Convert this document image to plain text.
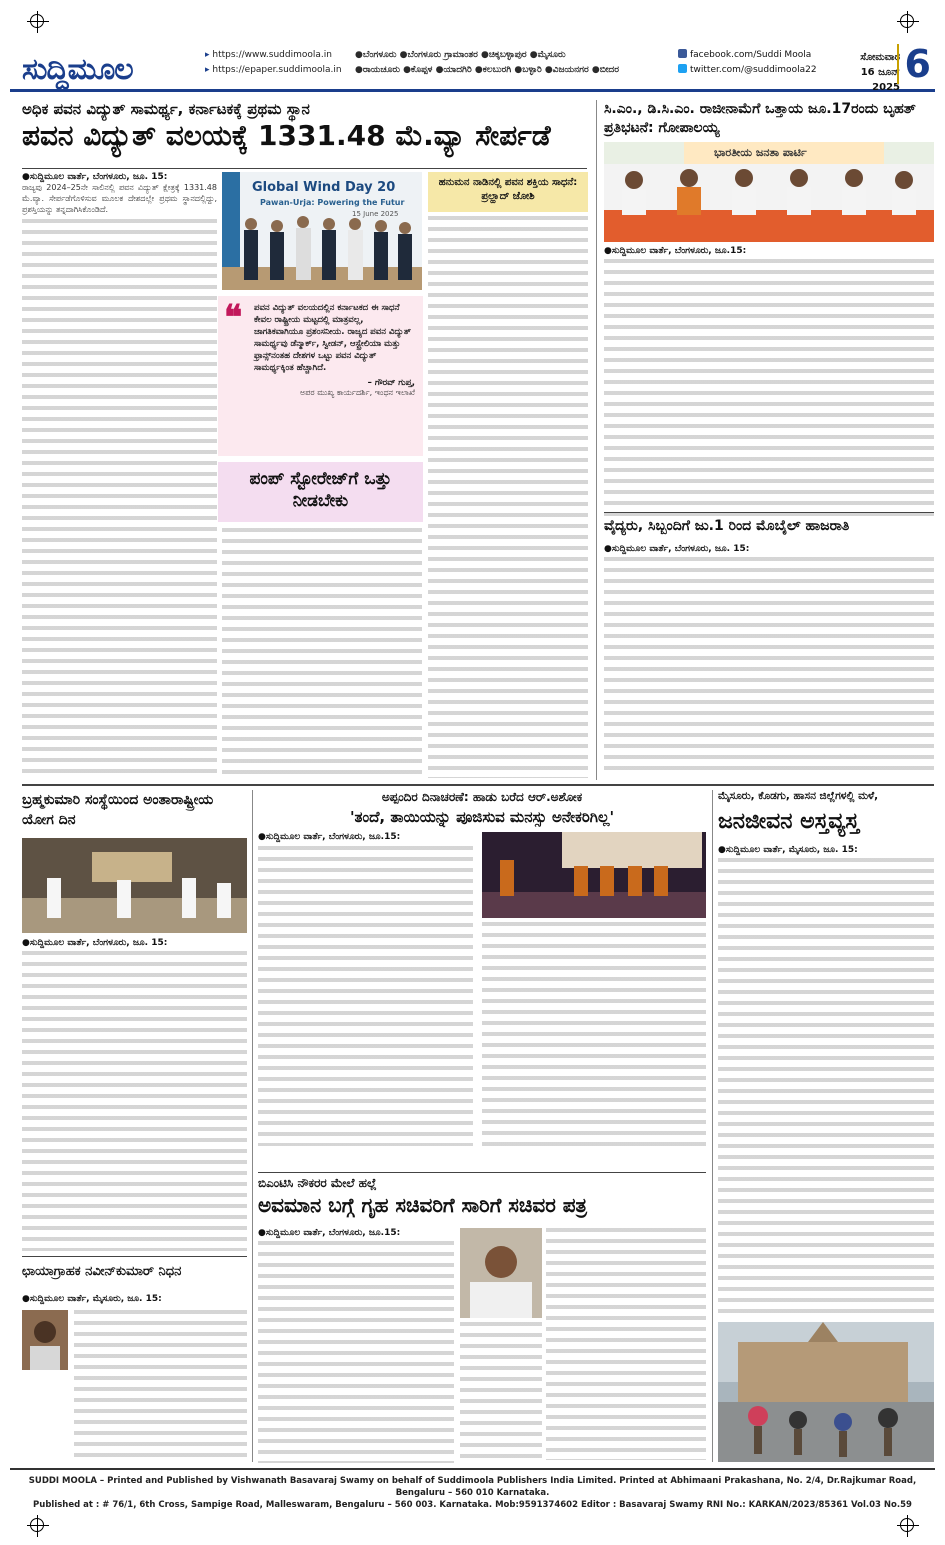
ಸುದ್ದಿಮೂಲ
▸	https://www.suddimoola.in
▸ https://epaper.suddimoola.in
●ಬೆಂಗಳೂರು ●ಬೆಂಗಳೂರು ಗ್ರಾಮಾಂತರ ●ಚಿಕ್ಕಬಳ್ಳಾಪುರ ●ಮೈಸೂರು
●ರಾಯಚೂರು ●ಕೊಪ್ಪಳ ●ಯಾದಗಿರಿ ●ಕಲಬುರಗಿ ●ಬಳ್ಳಾರಿ ●ವಿಜಯನಗರ ●ಬೀದರ
facebook.com/Suddi Moola
twitter.com/@suddimoola22
ಸೋಮವಾರ
16 ಜೂನ್ 2025
6
ಅಧಿಕ ಪವನ ವಿದ್ಯುತ್ ಸಾಮರ್ಥ್ಯ, ಕರ್ನಾಟಕಕ್ಕೆ ಪ್ರಥಮ ಸ್ಥಾನ
ಪವನ ವಿದ್ಯುತ್ ವಲಯಕ್ಕೆ 1331.48 ಮೆ.ವ್ಯಾ ಸೇರ್ಪಡೆ
●ಸುದ್ದಿಮೂಲ ವಾರ್ತೆ, ಬೆಂಗಳೂರು, ಜೂ. 15:
ರಾಜ್ಯವು 2024–25ನೇ ಸಾಲಿನಲ್ಲಿ ಪವನ ವಿದ್ಯುತ್ ಕ್ಷೇತ್ರಕ್ಕೆ 1331.48 ಮೆ.ವ್ಯಾ. ಸೇರ್ಪಡೆಗೊಳಿಸುವ ಮೂಲಕ ದೇಶದಲ್ಲೇ ಪ್ರಥಮ ಸ್ಥಾನದಲ್ಲಿದ್ದು, ಪ್ರಶಸ್ತಿಯನ್ನು ತನ್ನದಾಗಿಸಿಕೊಂಡಿದೆ.
Global Wind Day 20
Pawan-Urja: Powering the Futur
15 June 2025
❝ ಪವನ ವಿದ್ಯುತ್ ವಲಯದಲ್ಲಿನ ಕರ್ನಾಟಕದ ಈ ಸಾಧನೆ ಕೇವಲ ರಾಷ್ಟ್ರೀಯ ಮಟ್ಟದಲ್ಲಿ ಮಾತ್ರವಲ್ಲ, ಜಾಗತಿಕವಾಗಿಯೂ ಪ್ರಶಂಸನೀಯ. ರಾಜ್ಯದ ಪವನ ವಿದ್ಯುತ್ ಸಾಮರ್ಥ್ಯವು ಡೆನ್ಮಾರ್ಕ್, ಸ್ವೀಡನ್, ಆಸ್ಟ್ರೇಲಿಯಾ ಮತ್ತು ಫ್ರಾನ್ಸ್‌ನಂತಹ ದೇಶಗಳ ಒಟ್ಟು ಪವನ ವಿದ್ಯುತ್ ಸಾಮರ್ಥ್ಯಕ್ಕಿಂತ ಹೆಚ್ಚಾಗಿದೆ.
– ಗೌರವ್ ಗುಪ್ತ,
ಅಪರ ಮುಖ್ಯ ಕಾರ್ಯದರ್ಶಿ, ಇಂಧನ ಇಲಾಖೆ
ಪಂಪ್ ಸ್ಟೋರೇಜ್‌ಗೆ ಒತ್ತು ನೀಡಬೇಕು
ಹನುಮನ ನಾಡಿನಲ್ಲಿ ಪವನ ಶಕ್ತಿಯ ಸಾಧನೆ: ಪ್ರಲ್ಹಾದ್ ಜೋಶಿ
ಸಿ.ಎಂ., ಡಿ.ಸಿ.ಎಂ. ರಾಜೀನಾಮೆಗೆ ಒತ್ತಾಯ ಜೂ.17ರಂದು ಬೃಹತ್ ಪ್ರತಿಭಟನೆ: ಗೋಪಾಲಯ್ಯ
ಭಾರತೀಯ ಜನತಾ ಪಾರ್ಟಿ
●ಸುದ್ದಿಮೂಲ ವಾರ್ತೆ, ಬೆಂಗಳೂರು, ಜೂ.15:
ವೈದ್ಯರು, ಸಿಬ್ಬಂದಿಗೆ ಜು.1 ರಿಂದ ಮೊಬೈಲ್ ಹಾಜರಾತಿ
●ಸುದ್ದಿಮೂಲ ವಾರ್ತೆ, ಬೆಂಗಳೂರು, ಜೂ. 15:
ಬ್ರಹ್ಮಕುಮಾರಿ ಸಂಸ್ಥೆಯಿಂದ ಅಂತಾರಾಷ್ಟ್ರೀಯ ಯೋಗ ದಿನ
●ಸುದ್ದಿಮೂಲ ವಾರ್ತೆ, ಬೆಂಗಳೂರು, ಜೂ. 15:
ಛಾಯಾಗ್ರಾಹಕ ನವೀನ್‌ಕುಮಾರ್ ನಿಧನ
●ಸುದ್ದಿಮೂಲ ವಾರ್ತೆ, ಮೈಸೂರು, ಜೂ. 15:
ಅಪ್ಪಂದಿರ ದಿನಾಚರಣೆ: ಹಾಡು ಬರೆದ ಆರ್.ಅಶೋಕ
'ತಂದೆ, ತಾಯಿಯನ್ನು ಪೂಜಿಸುವ ಮನಸ್ಸು ಅನೇಕರಿಗಿಲ್ಲ'
●ಸುದ್ದಿಮೂಲ ವಾರ್ತೆ, ಬೆಂಗಳೂರು, ಜೂ.15:
ಬಿಎಂಟಿಸಿ ನೌಕರರ ಮೇಲೆ ಹಲ್ಲೆ
ಅವಮಾನ ಬಗ್ಗೆ ಗೃಹ ಸಚಿವರಿಗೆ ಸಾರಿಗೆ ಸಚಿವರ ಪತ್ರ
●ಸುದ್ದಿಮೂಲ ವಾರ್ತೆ, ಬೆಂಗಳೂರು, ಜೂ.15:
ಮೈಸೂರು, ಕೊಡಗು, ಹಾಸನ ಜಿಲ್ಲೆಗಳಲ್ಲಿ ಮಳೆ,
ಜನಜೀವನ ಅಸ್ತವ್ಯಸ್ತ
●ಸುದ್ದಿಮೂಲ ವಾರ್ತೆ, ಮೈಸೂರು, ಜೂ. 15:
SUDDI MOOLA – Printed and Published by Vishwanath Basavaraj Swamy on behalf of Suddimoola Publishers India Limited. Printed at Abhimaani Prakashana, No. 2/4, Dr.Rajkumar Road, Bengaluru – 560 010 Karnataka.
Published at : # 76/1, 6th Cross, Sampige Road, Malleswaram, Bengaluru – 560 003. Karnataka. Mob:9591374602 Editor : Basavaraj Swamy RNI No.: KARKAN/2023/85361 Vol.03 No.59
